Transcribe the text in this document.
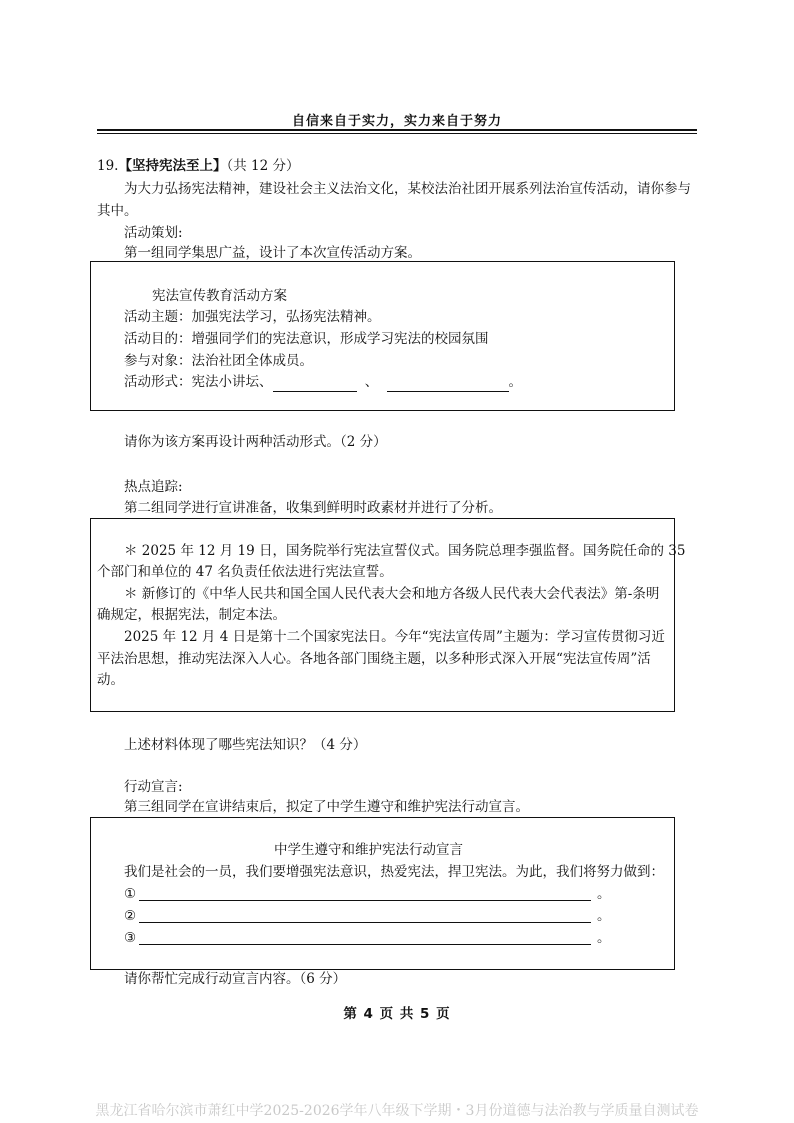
自信来自于实力，实力来自于努力
19.【坚持宪法至上】（共 12 分）
为大力弘扬宪法精神，建设社会主义法治文化，某校法治社团开展系列法治宣传活动，请你参与
其中。
活动策划:
第一组同学集思广益，设计了本次宣传活动方案。
宪法宣传教育活动方案
活动主题：加强宪法学习，弘扬宪法精神。
活动目的：增强同学们的宪法意识，形成学习宪法的校园氛围
参与对象：法治社团全体成员。
活动形式：宪法小讲坛、	、	。
请你为该方案再设计两种活动形式。（2 分）
热点追踪:
第二组同学进行宣讲准备，收集到鲜明时政素材并进行了分析。
＊ 2025 年 12 月 19 日，国务院举行宪法宣誓仪式。国务院总理李强监督。国务院任命的 35
个部门和单位的 47 名负责任依法进行宪法宣誓。
＊ 新修订的《中华人民共和国全国人民代表大会和地方各级人民代表大会代表法》第-条明
确规定，根据宪法，制定本法。
2025 年 12 月 4 日是第十二个国家宪法日。今年“宪法宣传周”主题为：学习宣传贯彻习近
平法治思想，推动宪法深入人心。各地各部门围绕主题，以多种形式深入开展“宪法宣传周”活
动。
上述材料体现了哪些宪法知识？（4 分）
行动宣言:
第三组同学在宣讲结束后，拟定了中学生遵守和维护宪法行动宣言。
中学生遵守和维护宪法行动宣言
我们是社会的一员，我们要增强宪法意识，热爱宪法，捍卫宪法。为此，我们将努力做到：
①	。
②	。
③	。
请你帮忙完成行动宣言内容。（6 分）
第 4 页 共 5 页
黑龙江省哈尔滨市萧红中学2025-2026学年八年级下学期・3月份道德与法治教与学质量自测试卷
